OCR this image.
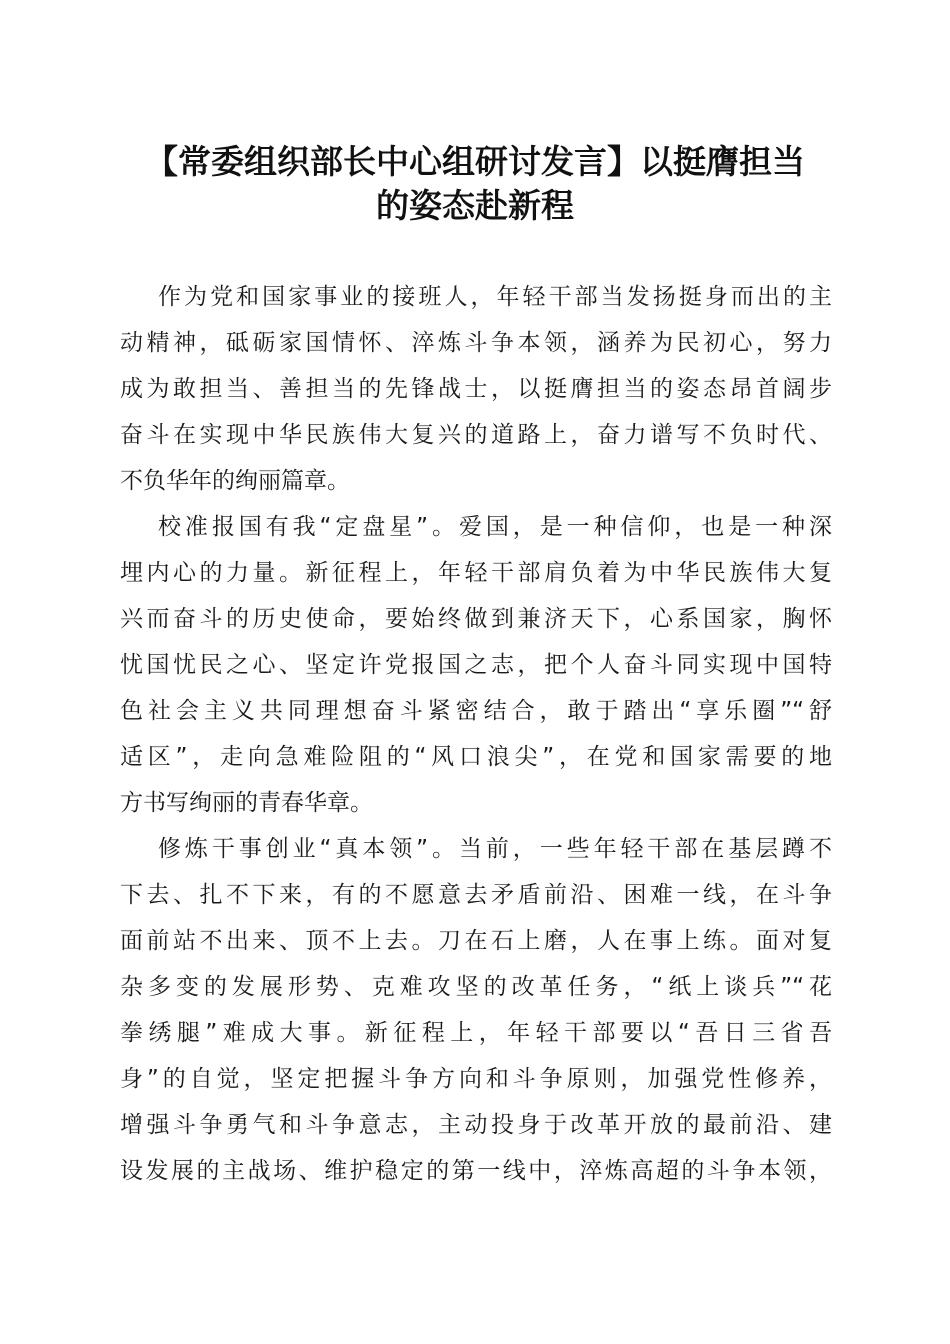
【常委组织部长中心组研讨发言】以挺膺担当
的姿态赴新程
作为党和国家事业的接班人，年轻干部当发扬挺身而出的主
动精神，砥砺家国情怀、淬炼斗争本领，涵养为民初心，努力
成为敢担当、善担当的先锋战士，以挺膺担当的姿态昂首阔步
奋斗在实现中华民族伟大复兴的道路上，奋力谱写不负时代、
不负华年的绚丽篇章。
校准报国有我“定盘星”。爱国，是一种信仰，也是一种深
埋内心的力量。新征程上，年轻干部肩负着为中华民族伟大复
兴而奋斗的历史使命，要始终做到兼济天下，心系国家，胸怀
忧国忧民之心、坚定许党报国之志，把个人奋斗同实现中国特
色社会主义共同理想奋斗紧密结合，敢于踏出“享乐圈”“舒
适区”，走向急难险阻的“风口浪尖”，在党和国家需要的地
方书写绚丽的青春华章。
修炼干事创业“真本领”。当前，一些年轻干部在基层蹲不
下去、扎不下来，有的不愿意去矛盾前沿、困难一线，在斗争
面前站不出来、顶不上去。刀在石上磨，人在事上练。面对复
杂多变的发展形势、克难攻坚的改革任务，“纸上谈兵”“花
拳绣腿”难成大事。新征程上，年轻干部要以“吾日三省吾
身”的自觉，坚定把握斗争方向和斗争原则，加强党性修养，
增强斗争勇气和斗争意志，主动投身于改革开放的最前沿、建
设发展的主战场、维护稳定的第一线中，淬炼高超的斗争本领，
